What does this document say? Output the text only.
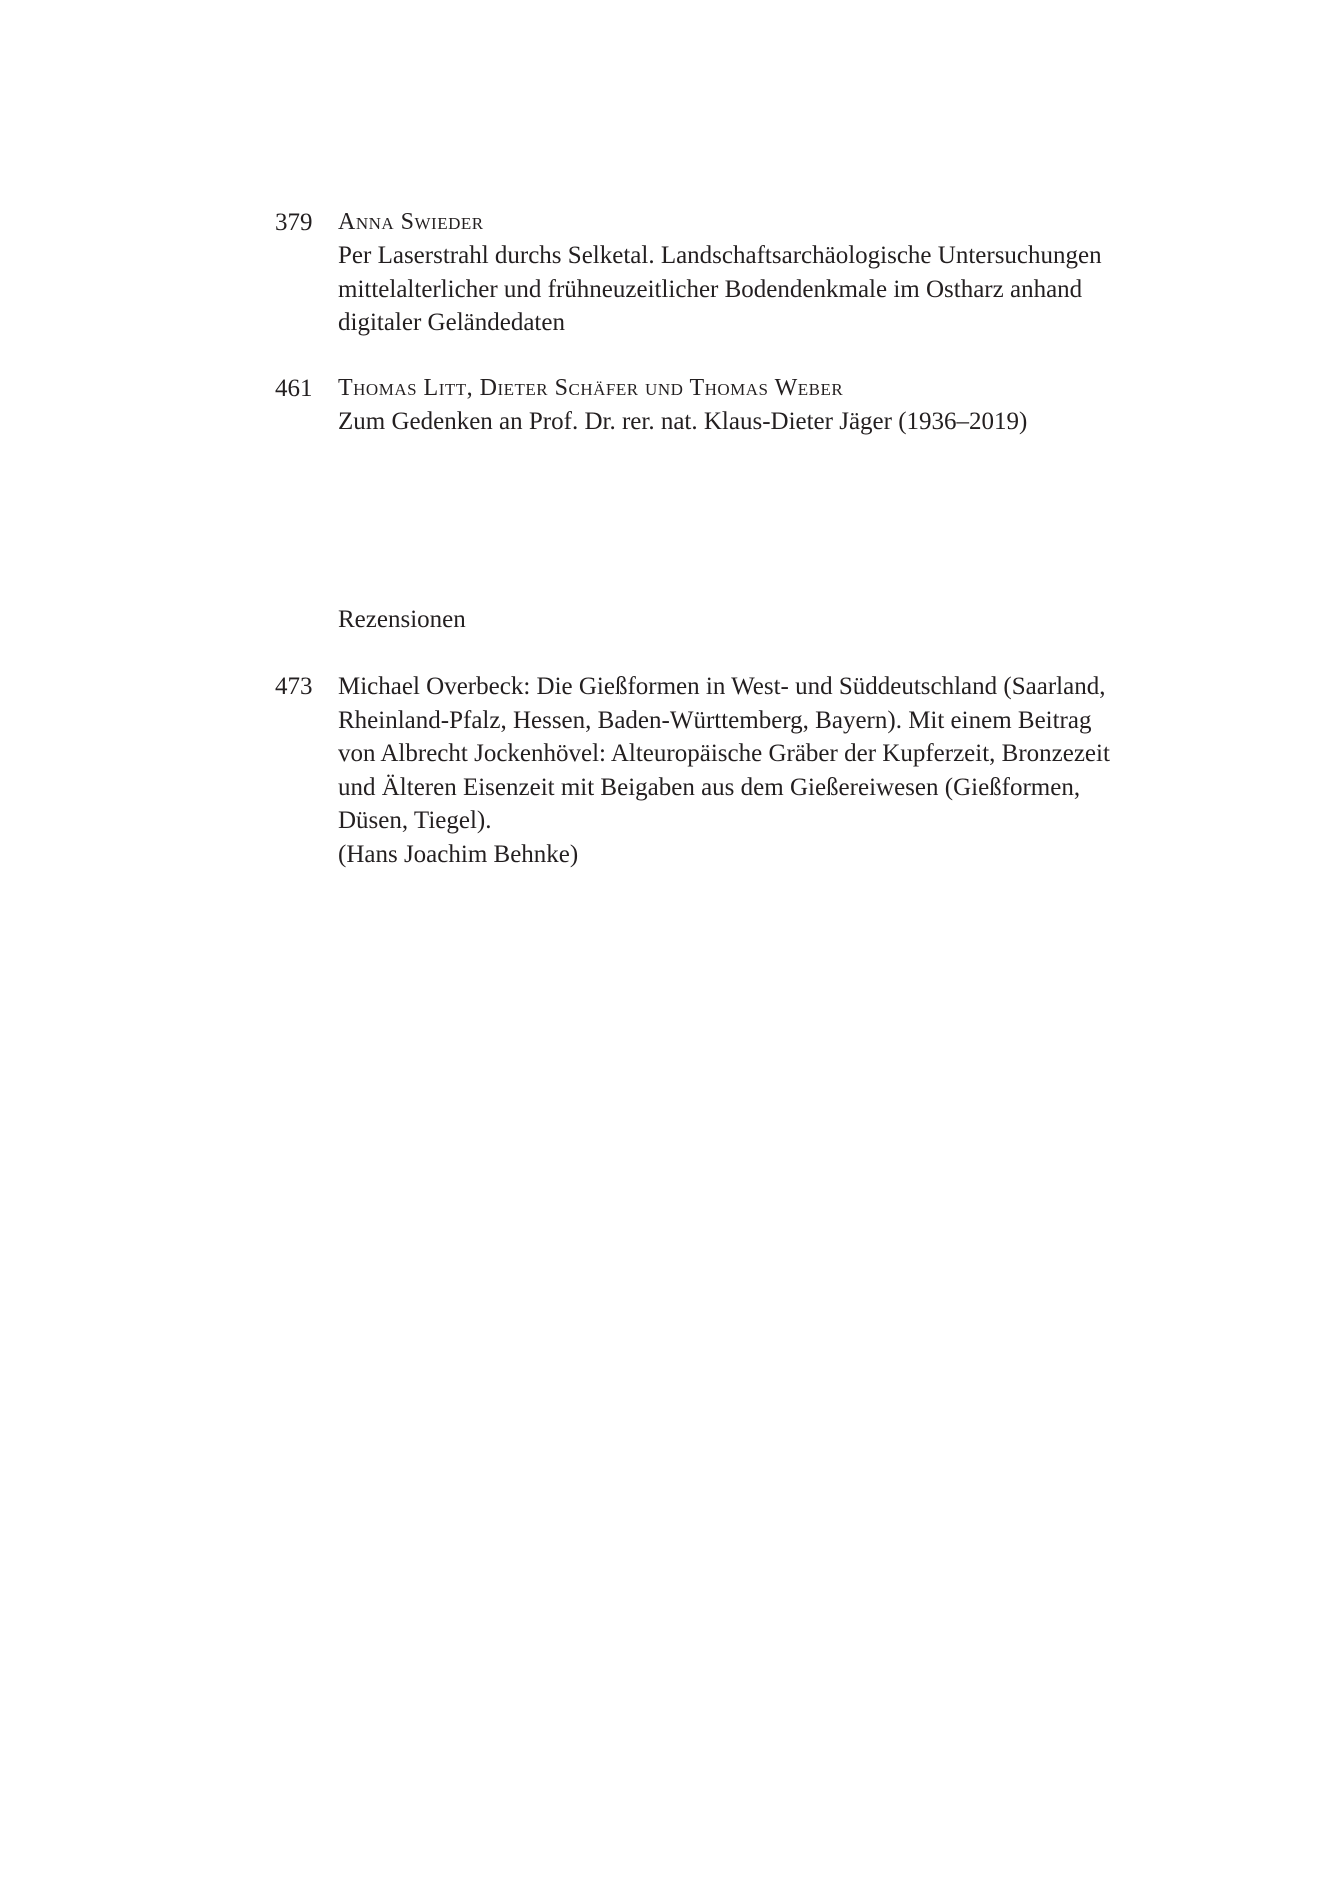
379	Anna Swieder
Per Laserstrahl durchs Selketal. Landschaftsarchäologische Untersuchungen
mittelalterlicher und frühneuzeitlicher Bodendenkmale im Ostharz anhand
digitaler Geländedaten
461	Thomas Litt, Dieter Schäfer und Thomas Weber
Zum Gedenken an Prof. Dr. rer. nat. Klaus-Dieter Jäger (1936–2019)
Rezensionen
473	Michael Overbeck: Die Gießformen in West- und Süddeutschland (Saarland,
Rheinland-Pfalz, Hessen, Baden-Württemberg, Bayern). Mit einem Beitrag
von Albrecht Jockenhövel: Alteuropäische Gräber der Kupferzeit, Bronzezeit
und Älteren Eisenzeit mit Beigaben aus dem Gießereiwesen (Gießformen,
Düsen, Tiegel).
(Hans Joachim Behnke)
